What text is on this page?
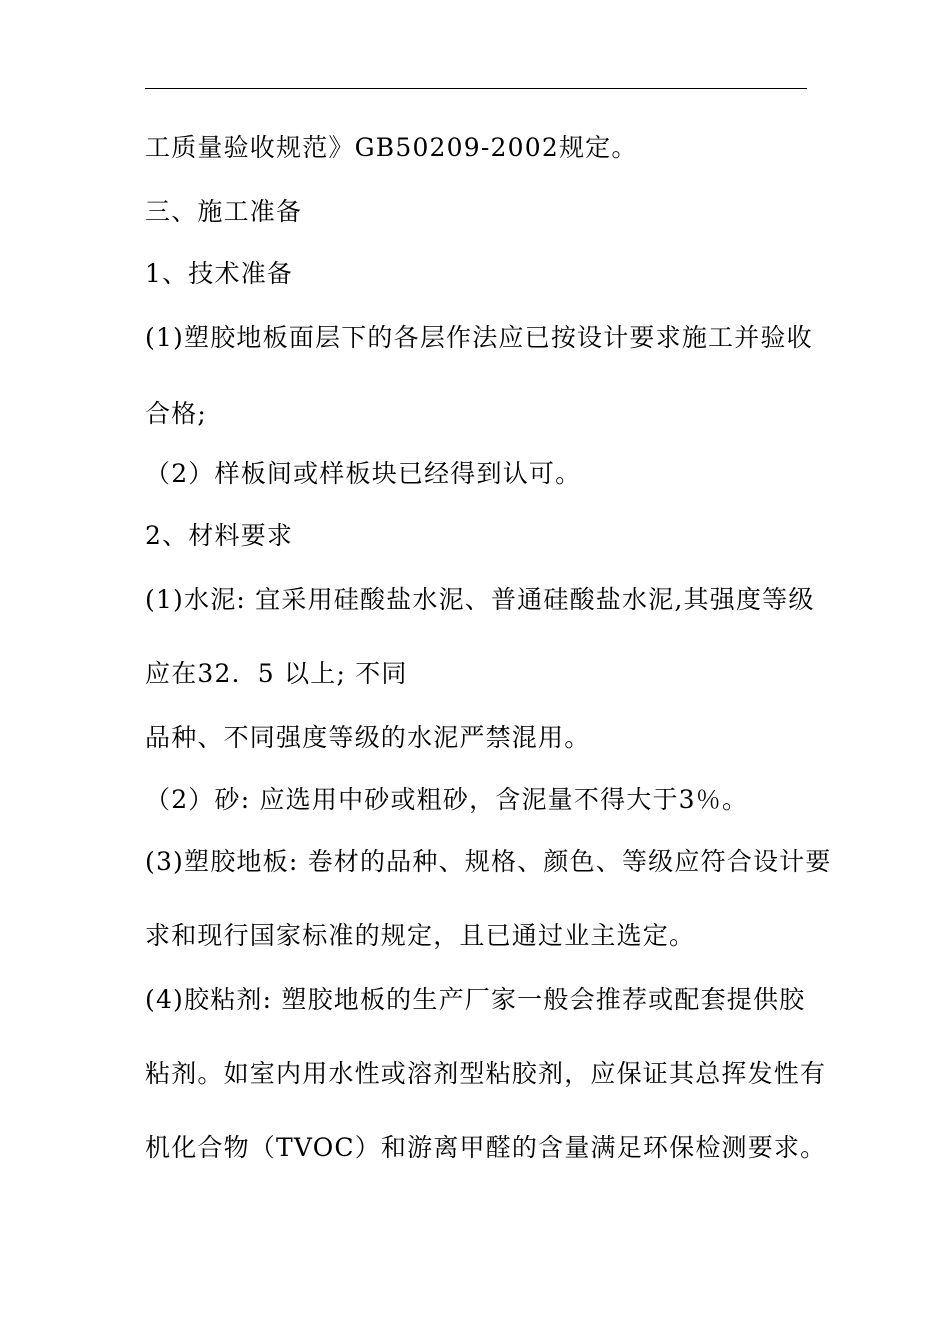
工质量验收规范》GB50209-2002规定。
三、施工准备
1、技术准备
(1)塑胶地板面层下的各层作法应已按设计要求施工并验收
合格;
（2）样板间或样板块已经得到认可。
2、材料要求
(1)水泥: 宜采用硅酸盐水泥、普通硅酸盐水泥,其强度等级
应在32．5 以上; 不同
品种、不同强度等级的水泥严禁混用。
（2）砂: 应选用中砂或粗砂，含泥量不得大于3％。
(3)塑胶地板: 卷材的品种、规格、颜色、等级应符合设计要
求和现行国家标准的规定，且已通过业主选定。
(4)胶粘剂: 塑胶地板的生产厂家一般会推荐或配套提供胶
粘剂。如室内用水性或溶剂型粘胶剂，应保证其总挥发性有
机化合物（TVOC）和游离甲醛的含量满足环保检测要求。
